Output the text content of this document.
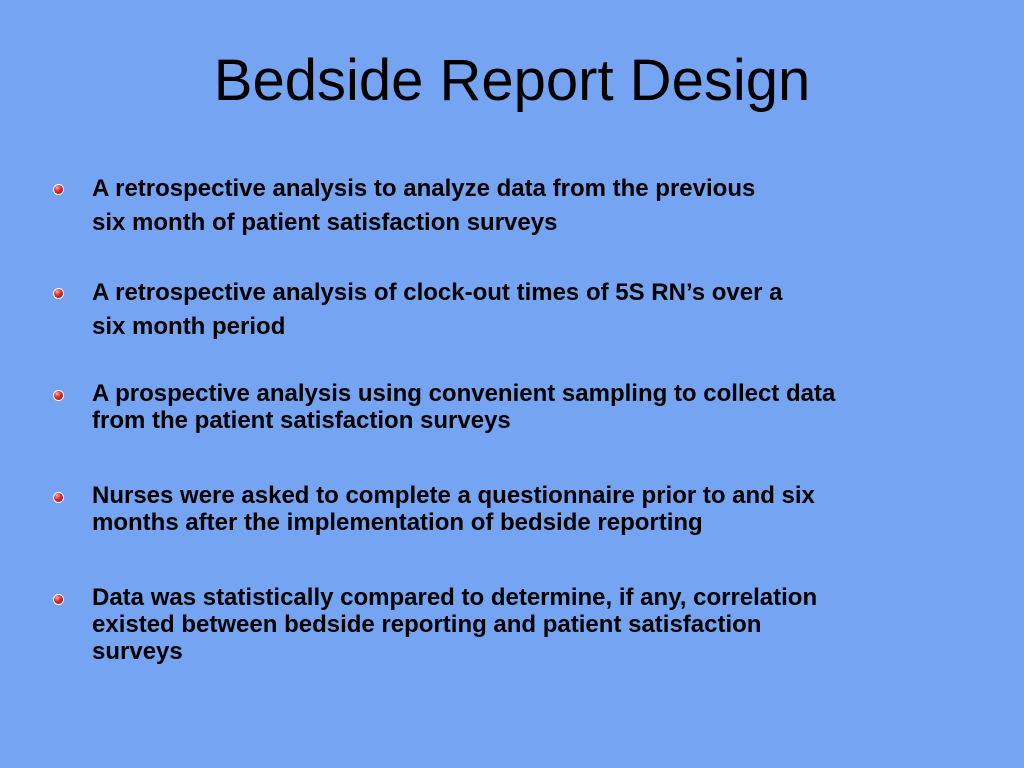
Bedside Report Design
A retrospective analysis to analyze data from the previous
six month of patient satisfaction surveys
A retrospective analysis of clock-out times of 5S RN’s over a
six month period
A prospective analysis using convenient sampling to collect data
from the patient satisfaction surveys
Nurses were asked to complete a questionnaire prior to and six
months after the implementation of bedside reporting
Data was statistically compared to determine, if any, correlation
existed between bedside reporting and patient satisfaction
surveys
